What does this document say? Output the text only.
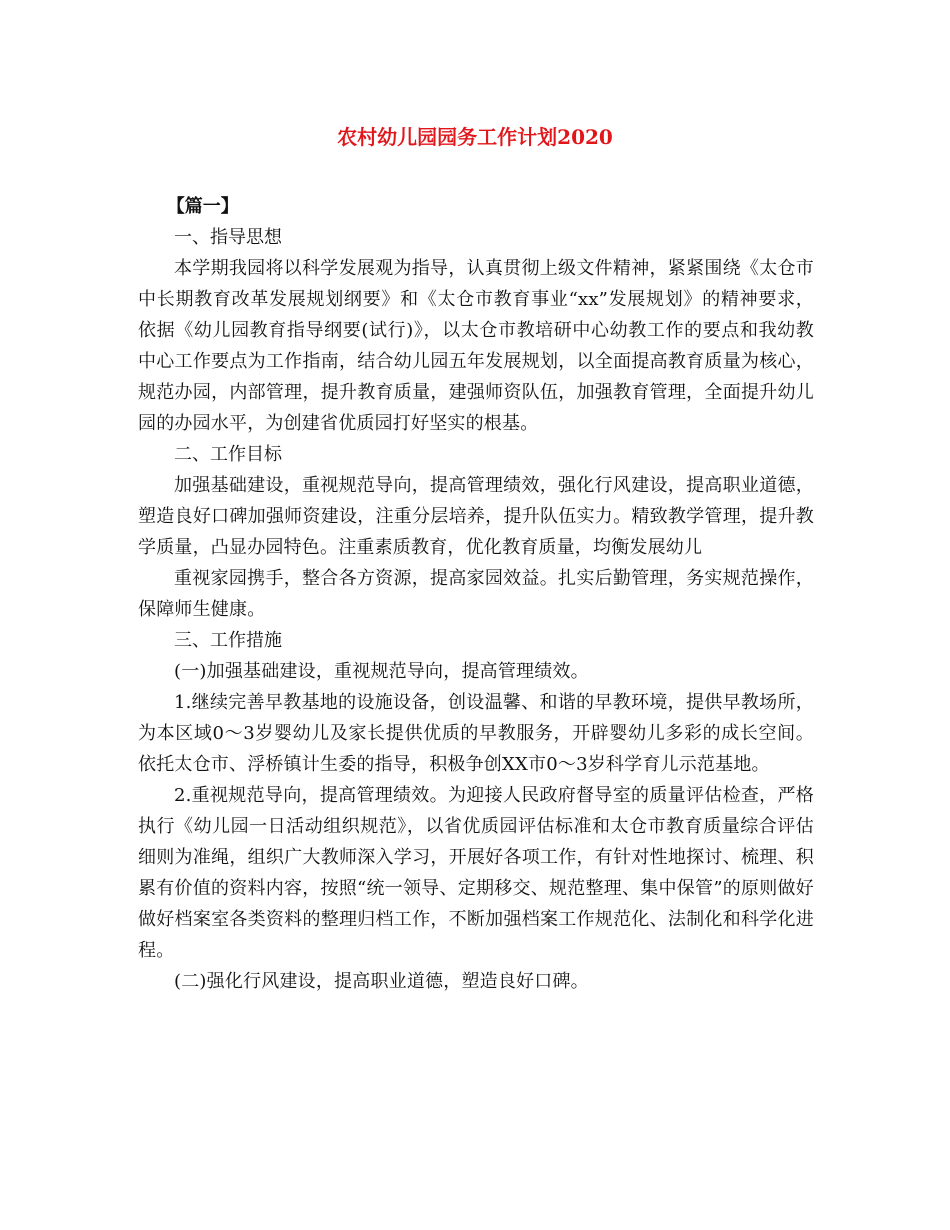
农村幼儿园园务工作计划2020

【篇一】

一、指导思想

本学期我园将以科学发展观为指导，认真贯彻上级文件精神，紧紧围绕《太仓市中长期教育改革发展规划纲要》和《太仓市教育事业“xx”发展规划》的精神要求，依据《幼儿园教育指导纲要(试行)》，以太仓市教培研中心幼教工作的要点和我幼教中心工作要点为工作指南，结合幼儿园五年发展规划，以全面提高教育质量为核心，规范办园，内部管理，提升教育质量，建强师资队伍，加强教育管理，全面提升幼儿园的办园水平，为创建省优质园打好坚实的根基。

二、工作目标

加强基础建设，重视规范导向，提高管理绩效，强化行风建设，提高职业道德，塑造良好口碑加强师资建设，注重分层培养，提升队伍实力。精致教学管理，提升教学质量，凸显办园特色。注重素质教育，优化教育质量，均衡发展幼儿

重视家园携手，整合各方资源，提高家园效益。扎实后勤管理，务实规范操作，保障师生健康。

三、工作措施

(一)加强基础建设，重视规范导向，提高管理绩效。

1.继续完善早教基地的设施设备，创设温馨、和谐的早教环境，提供早教场所，为本区域0～3岁婴幼儿及家长提供优质的早教服务，开辟婴幼儿多彩的成长空间。依托太仓市、浮桥镇计生委的指导，积极争创XX市0～3岁科学育儿示范基地。

2.重视规范导向，提高管理绩效。为迎接人民政府督导室的质量评估检查，严格执行《幼儿园一日活动组织规范》，以省优质园评估标准和太仓市教育质量综合评估细则为准绳，组织广大教师深入学习，开展好各项工作，有针对性地探讨、梳理、积累有价值的资料内容，按照“统一领导、定期移交、规范整理、集中保管”的原则做好做好档案室各类资料的整理归档工作，不断加强档案工作规范化、法制化和科学化进程。

(二)强化行风建设，提高职业道德，塑造良好口碑。
